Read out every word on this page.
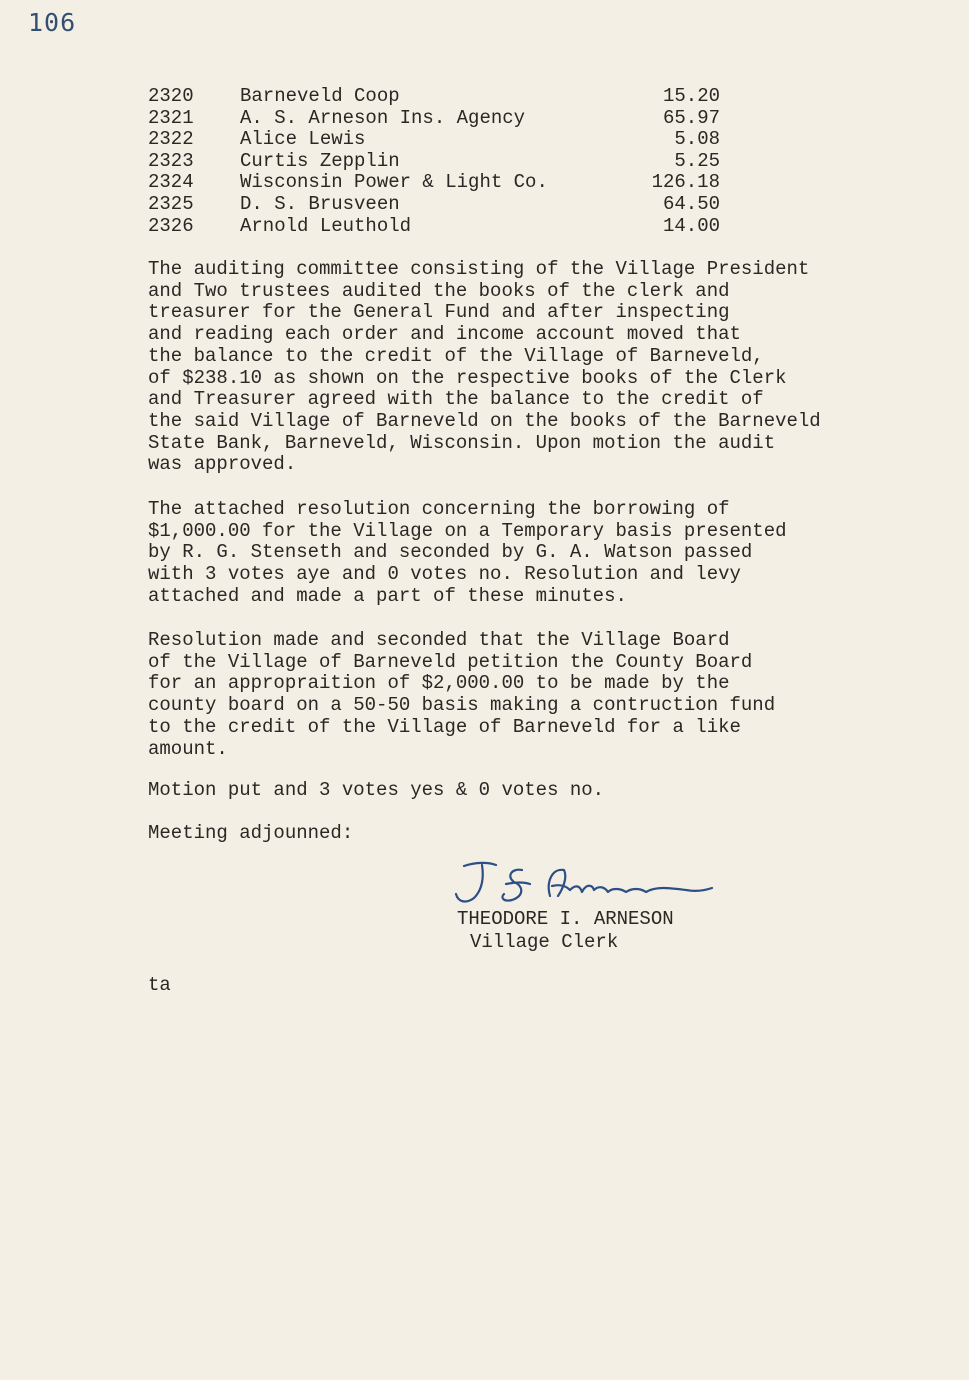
106
2320 Barneveld Coop	15.20
2321 A. S. Arneson Ins. Agency	65.97
2322 Alice Lewis	5.08
2323 Curtis Zepplin	5.25
2324 Wisconsin Power & Light Co.	126.18
2325 D. S. Brusveen	64.50
2326 Arnold Leuthold	14.00

The auditing committee consisting of the Village President
and Two trustees audited the books of the clerk and
treasurer for the General Fund and after inspecting
and reading each order and income account moved that
the balance to the credit of the Village of Barneveld,
of $238.10 as shown on the respective books of the Clerk
and Treasurer agreed with the balance to the credit of
the said Village of Barneveld on the books of the Barneveld
State Bank, Barneveld, Wisconsin. Upon motion the audit
was approved.

The attached resolution concerning the borrowing of
$1,000.00 for the Village on a Temporary basis presented
by R. G. Stenseth and seconded by G. A. Watson passed
with 3 votes aye and 0 votes no. Resolution and levy
attached and made a part of these minutes.

Resolution made and seconded that the Village Board
of the Village of Barneveld petition the County Board
for an appropraition of $2,000.00 to be made by the
county board on a 50-50 basis making a contruction fund
to the credit of the Village of Barneveld for a like
amount.

Motion put and 3 votes yes & 0 votes no.

Meeting adjounned:

THEODORE I. ARNESON
Village Clerk
ta
